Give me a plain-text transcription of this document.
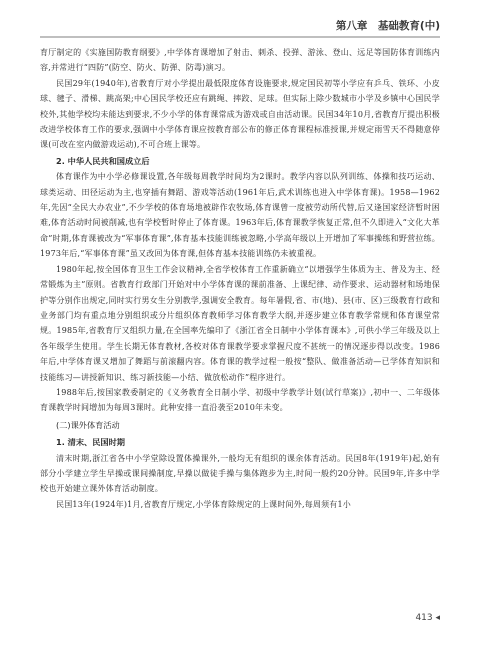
第八章　基础教育(中)

育厅制定的《实施国防教育纲要》,中学体育课增加了射击、刺杀、投弹、游泳、登山、远足等国防体育训练内容,并常进行“四防”(防空、防火、防弹、防毒)演习。

民国29年(1940年),省教育厅对小学提出最低限度体育设施要求,规定国民初等小学应有乒乓、铁环、小皮球、毽子、滑梯、跳高架;中心国民学校还应有跳绳、摔跤、足球。但实际上除少数城市小学及乡镇中心国民学校外,其他学校均未能达到要求,不少小学的体育课常成为游戏或自由活动课。民国34年10月,省教育厅提出积极改进学校体育工作的要求,强调中小学体育课应按教育部公布的修正体育课程标准授课,并规定雨雪天不得随意停课(可改在室内做游戏运动),不可合班上课等。

2. 中华人民共和国成立后

体育课作为中小学必修课设置,各年级每周教学时间均为2课时。教学内容以队列训练、体操和技巧运动、球类运动、田径运动为主,也穿插有舞蹈、游戏等活动(1961年后,武术训练也进入中学体育课)。1958—1962年,先因“全民大办农业”,不少学校的体育场地被辟作农牧场,体育课曾一度被劳动所代替,后又逢国家经济暂时困难,体育活动时间被削减,也有学校暂时停止了体育课。1963年后,体育课教学恢复正常,但不久即进入“文化大革命”时期,体育课被改为“军事体育课”,体育基本技能训练被忽略,小学高年级以上开增加了军事操练和野营拉练。1973年后,“军事体育课”虽又改回为体育课,但体育基本技能训练仍未被重视。

1980年起,按全国体育卫生工作会议精神,全省学校体育工作重新确立“以增强学生体质为主、普及为主、经常锻炼为主”原则。省教育行政部门开始对中小学体育课的课前准备、上课纪律、动作要求、运动器材和场地保护等分别作出规定,同时实行男女生分别教学,强调安全教育。每年暑假,省、市(地)、县(市、区)三级教育行政和业务部门均有重点地分别组织或分片组织体育教师学习体育教学大纲,并逐步建立体育教学常规和体育课堂常规。1985年,省教育厅又组织力量,在全国率先编印了《浙江省全日制中小学体育课本》,可供小学三年级及以上各年级学生使用。学生长期无体育教材,各校对体育课教学要求掌握尺度不甚统一的情况逐步得以改变。1986年后,中学体育课又增加了舞蹈与前滚翻内容。体育课的教学过程一般按“整队、做准备活动—已学体育知识和技能练习—讲授新知识、练习新技能—小结、做放松动作”程序进行。

1988年后,按国家教委制定的《义务教育全日制小学、初级中学教学计划(试行草案)》,初中一、二年级体育课教学时间增加为每周3课时。此种安排一直沿袭至2010年未变。

(二)课外体育活动

1. 清末、民国时期

清末时期,浙江省各中小学堂除设置体操课外,一般均无有组织的课余体育活动。民国8年(1919年)起,始有部分小学建立学生早操或课间操制度,早操以做徒手操与集体跑步为主,时间一般约20分钟。民国9年,许多中学校也开始建立课外体育活动制度。

民国13年(1924年)1月,省教育厅规定,小学体育除规定的上课时间外,每周须有1小

413 ◂
